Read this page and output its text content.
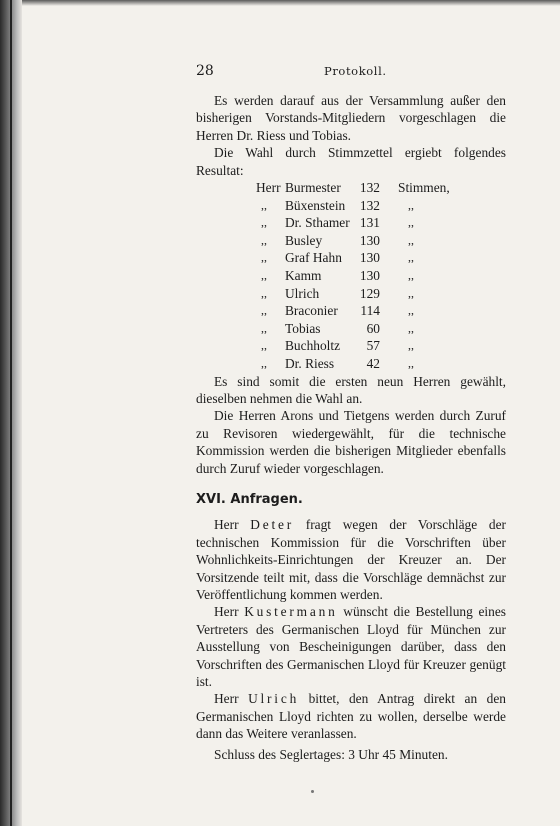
28	Protokoll.

Es werden darauf aus der Versammlung außer den bisherigen Vorstands-Mitgliedern vorgeschlagen die Herren Dr. Riess und Tobias.

Die Wahl durch Stimmzettel ergiebt folgendes Resultat:

Herr Burmester	132 Stimmen,
,, Büxenstein	132 ,,
,, Dr. Sthamer 131 ,,
,, Busley	130 ,,
,, Graf Hahn	130 ,,
,, Kamm	130 ,,
,, Ulrich	129 ,,
,, Braconier	114 ,,
,, Tobias	60 ,,
,, Buchholtz	57 ,,
,, Dr. Riess	42 ,,

Es sind somit die ersten neun Herren gewählt, dieselben nehmen die Wahl an.

Die Herren Arons und Tietgens werden durch Zuruf zu Revisoren wiedergewählt, für die technische Kommission werden die bisherigen Mitglieder ebenfalls durch Zuruf wieder vorgeschlagen.

XVI. Anfragen.

Herr Deter fragt wegen der Vorschläge der technischen Kommission für die Vorschriften über Wohnlichkeits-Einrichtungen der Kreuzer an. Der Vorsitzende teilt mit, dass die Vorschläge demnächst zur Veröffentlichung kommen werden.

Herr Kustermann wünscht die Bestellung eines Vertreters des Germanischen Lloyd für München zur Ausstellung von Bescheinigungen darüber, dass den Vorschriften des Germanischen Lloyd für Kreuzer genügt ist.

Herr Ulrich bittet, den Antrag direkt an den Germanischen Lloyd richten zu wollen, derselbe werde dann das Weitere veranlassen.

Schluss des Seglertages: 3 Uhr 45 Minuten.
